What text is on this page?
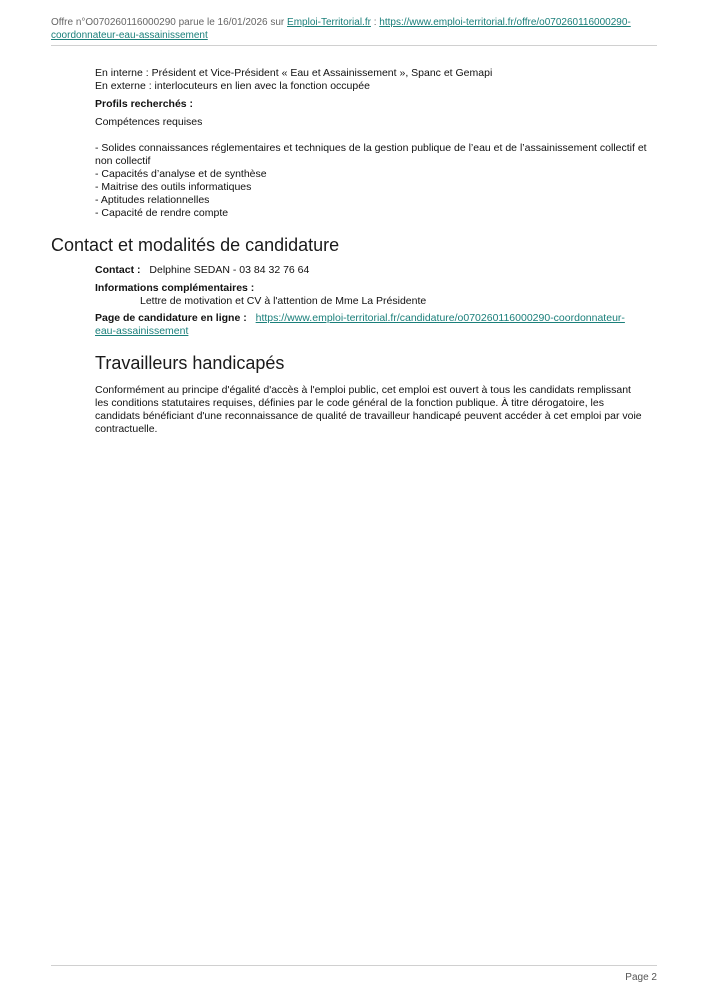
Offre n°O070260116000290 parue le 16/01/2026 sur Emploi-Territorial.fr : https://www.emploi-territorial.fr/offre/o070260116000290-
coordonnateur-eau-assainissement
En interne : Président et Vice-Président « Eau et Assainissement », Spanc et Gemapi
En externe : interlocuteurs en lien avec la fonction occupée
Profils recherchés :
Compétences requises
- Solides connaissances réglementaires et techniques de la gestion publique de l’eau et de l’assainissement collectif et
non collectif
- Capacités d’analyse et de synthèse
- Maitrise des outils informatiques
- Aptitudes relationnelles
- Capacité de rendre compte
Contact et modalités de candidature
Contact : Delphine SEDAN - 03 84 32 76 64
Informations complémentaires :
Lettre de motivation et CV à l'attention de Mme La Présidente
Page de candidature en ligne : https://www.emploi-territorial.fr/candidature/o070260116000290-coordonnateur-
eau-assainissement
Travailleurs handicapés
Conformément au principe d'égalité d'accès à l'emploi public, cet emploi est ouvert à tous les candidats remplissant
les conditions statutaires requises, définies par le code général de la fonction publique. À titre dérogatoire, les
candidats bénéficiant d'une reconnaissance de qualité de travailleur handicapé peuvent accéder à cet emploi par voie
contractuelle.
Page 2
